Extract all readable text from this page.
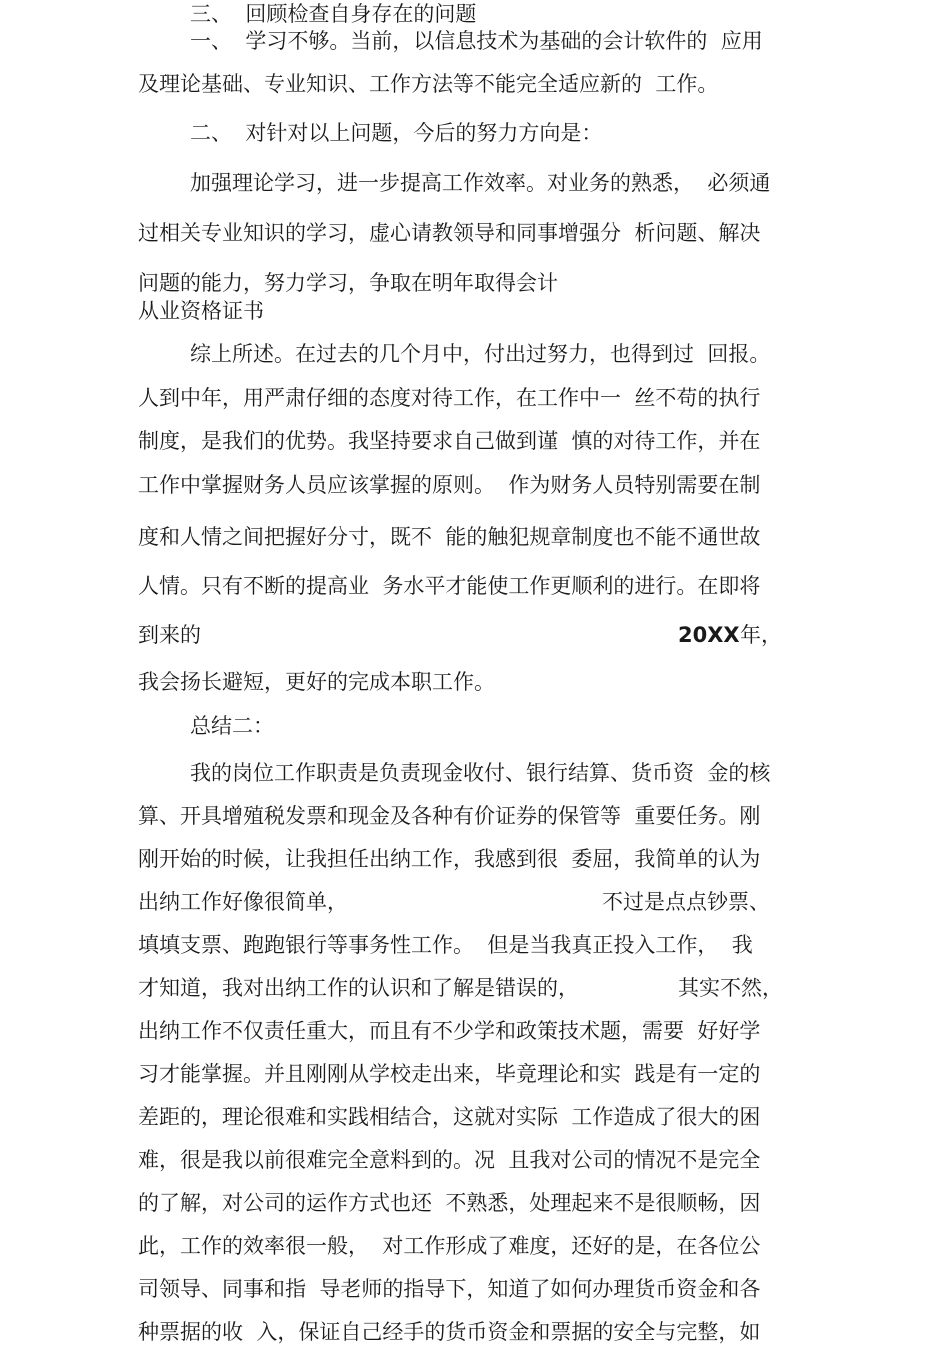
三、  回顾检查自身存在的问题

一、  学习不够。当前，以信息技术为基础的会计软件的  应用

及理论基础、专业知识、工作方法等不能完全适应新的  工作。

二、  对针对以上问题，今后的努力方向是：

加强理论学习，进一步提高工作效率。对业务的熟悉，  必须通

过相关专业知识的学习，虚心请教领导和同事增强分  析问题、解决

问题的能力，努力学习，争取在明年取得会计

从业资格证书

综上所述。在过去的几个月中，付出过努力，也得到过  回报。

人到中年，用严肃仔细的态度对待工作，在工作中一  丝不苟的执行

制度，是我们的优势。我坚持要求自己做到谨  慎的对待工作，并在

工作中掌握财务人员应该掌握的原则。  作为财务人员特别需要在制

度和人情之间把握好分寸，既不  能的触犯规章制度也不能不通世故

人情。只有不断的提高业  务水平才能使工作更顺利的进行。在即将

到来的	20XX 年，

我会扬长避短，更好的完成本职工作。

总结二：

我的岗位工作职责是负责现金收付、银行结算、货币资  金的核

算、开具增殖税发票和现金及各种有价证券的保管等  重要任务。刚

刚开始的时候，让我担任出纳工作，我感到很  委屈，我简单的认为

出纳工作好像很简单，	不过是点点钞票、

填填支票、跑跑银行等事务性工作。  但是当我真正投入工作，  我

才知道，我对出纳工作的认识和了解是错误的，	其实不然，

出纳工作不仅责任重大，而且有不少学和政策技术题，需要  好好学

习才能掌握。并且刚刚从学校走出来，毕竟理论和实  践是有一定的

差距的，理论很难和实践相结合，这就对实际  工作造成了很大的困

难，很是我以前很难完全意料到的。况  且我对公司的情况不是完全

的了解，对公司的运作方式也还  不熟悉，处理起来不是很顺畅，因

此，工作的效率很一般，  对工作形成了难度，还好的是，在各位公

司领导、同事和指  导老师的指导下，知道了如何办理货币资金和各

种票据的收  入，保证自己经手的货币资金和票据的安全与完整，如
